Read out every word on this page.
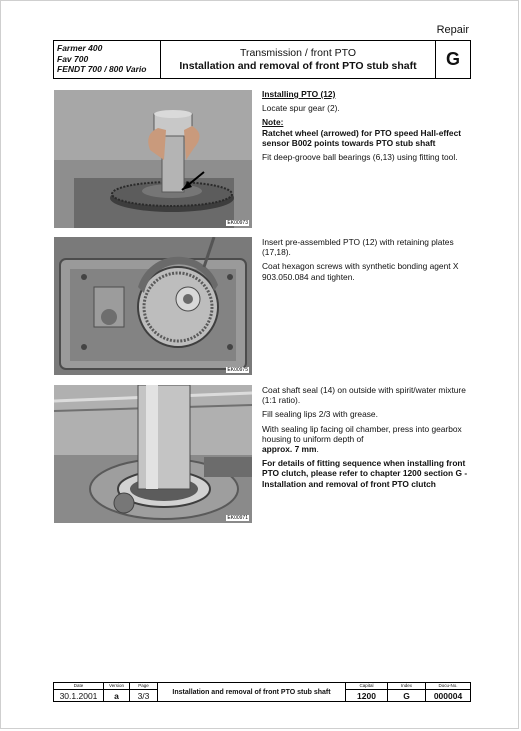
Repair
Farmer 400
Fav 700
FENDT 700 / 800 Vario
Transmission / front PTO
Installation and removal of front PTO stub shaft	G
EK00973
EK00975
EK00971

Installing PTO (12)

Locate spur gear (2).

Note:

Ratchet wheel (arrowed) for PTO speed Hall-effect sensor B002 points towards PTO stub shaft

Fit deep-groove ball bearings (6,13) using fitting tool.

Insert pre-assembled PTO (12) with retaining plates (17,18).

Coat hexagon screws with synthetic bonding agent X 903.050.084 and tighten.

Coat shaft seal (14) on outside with spirit/water mixture (1:1 ratio).

Fill sealing lips 2/3 with grease.

With sealing lip facing oil chamber, press into gearbox housing to uniform depth of
approx. 7 mm.

For details of fitting sequence when installing front PTO clutch, please refer to chapter 1200 section G - Installation and removal of front PTO clutch

Date
30.1.2001
Version
a
Page
3/3	Installation and removal of front PTO stub shaft
Capital
1200
Index
G
Docu-No.
000004
